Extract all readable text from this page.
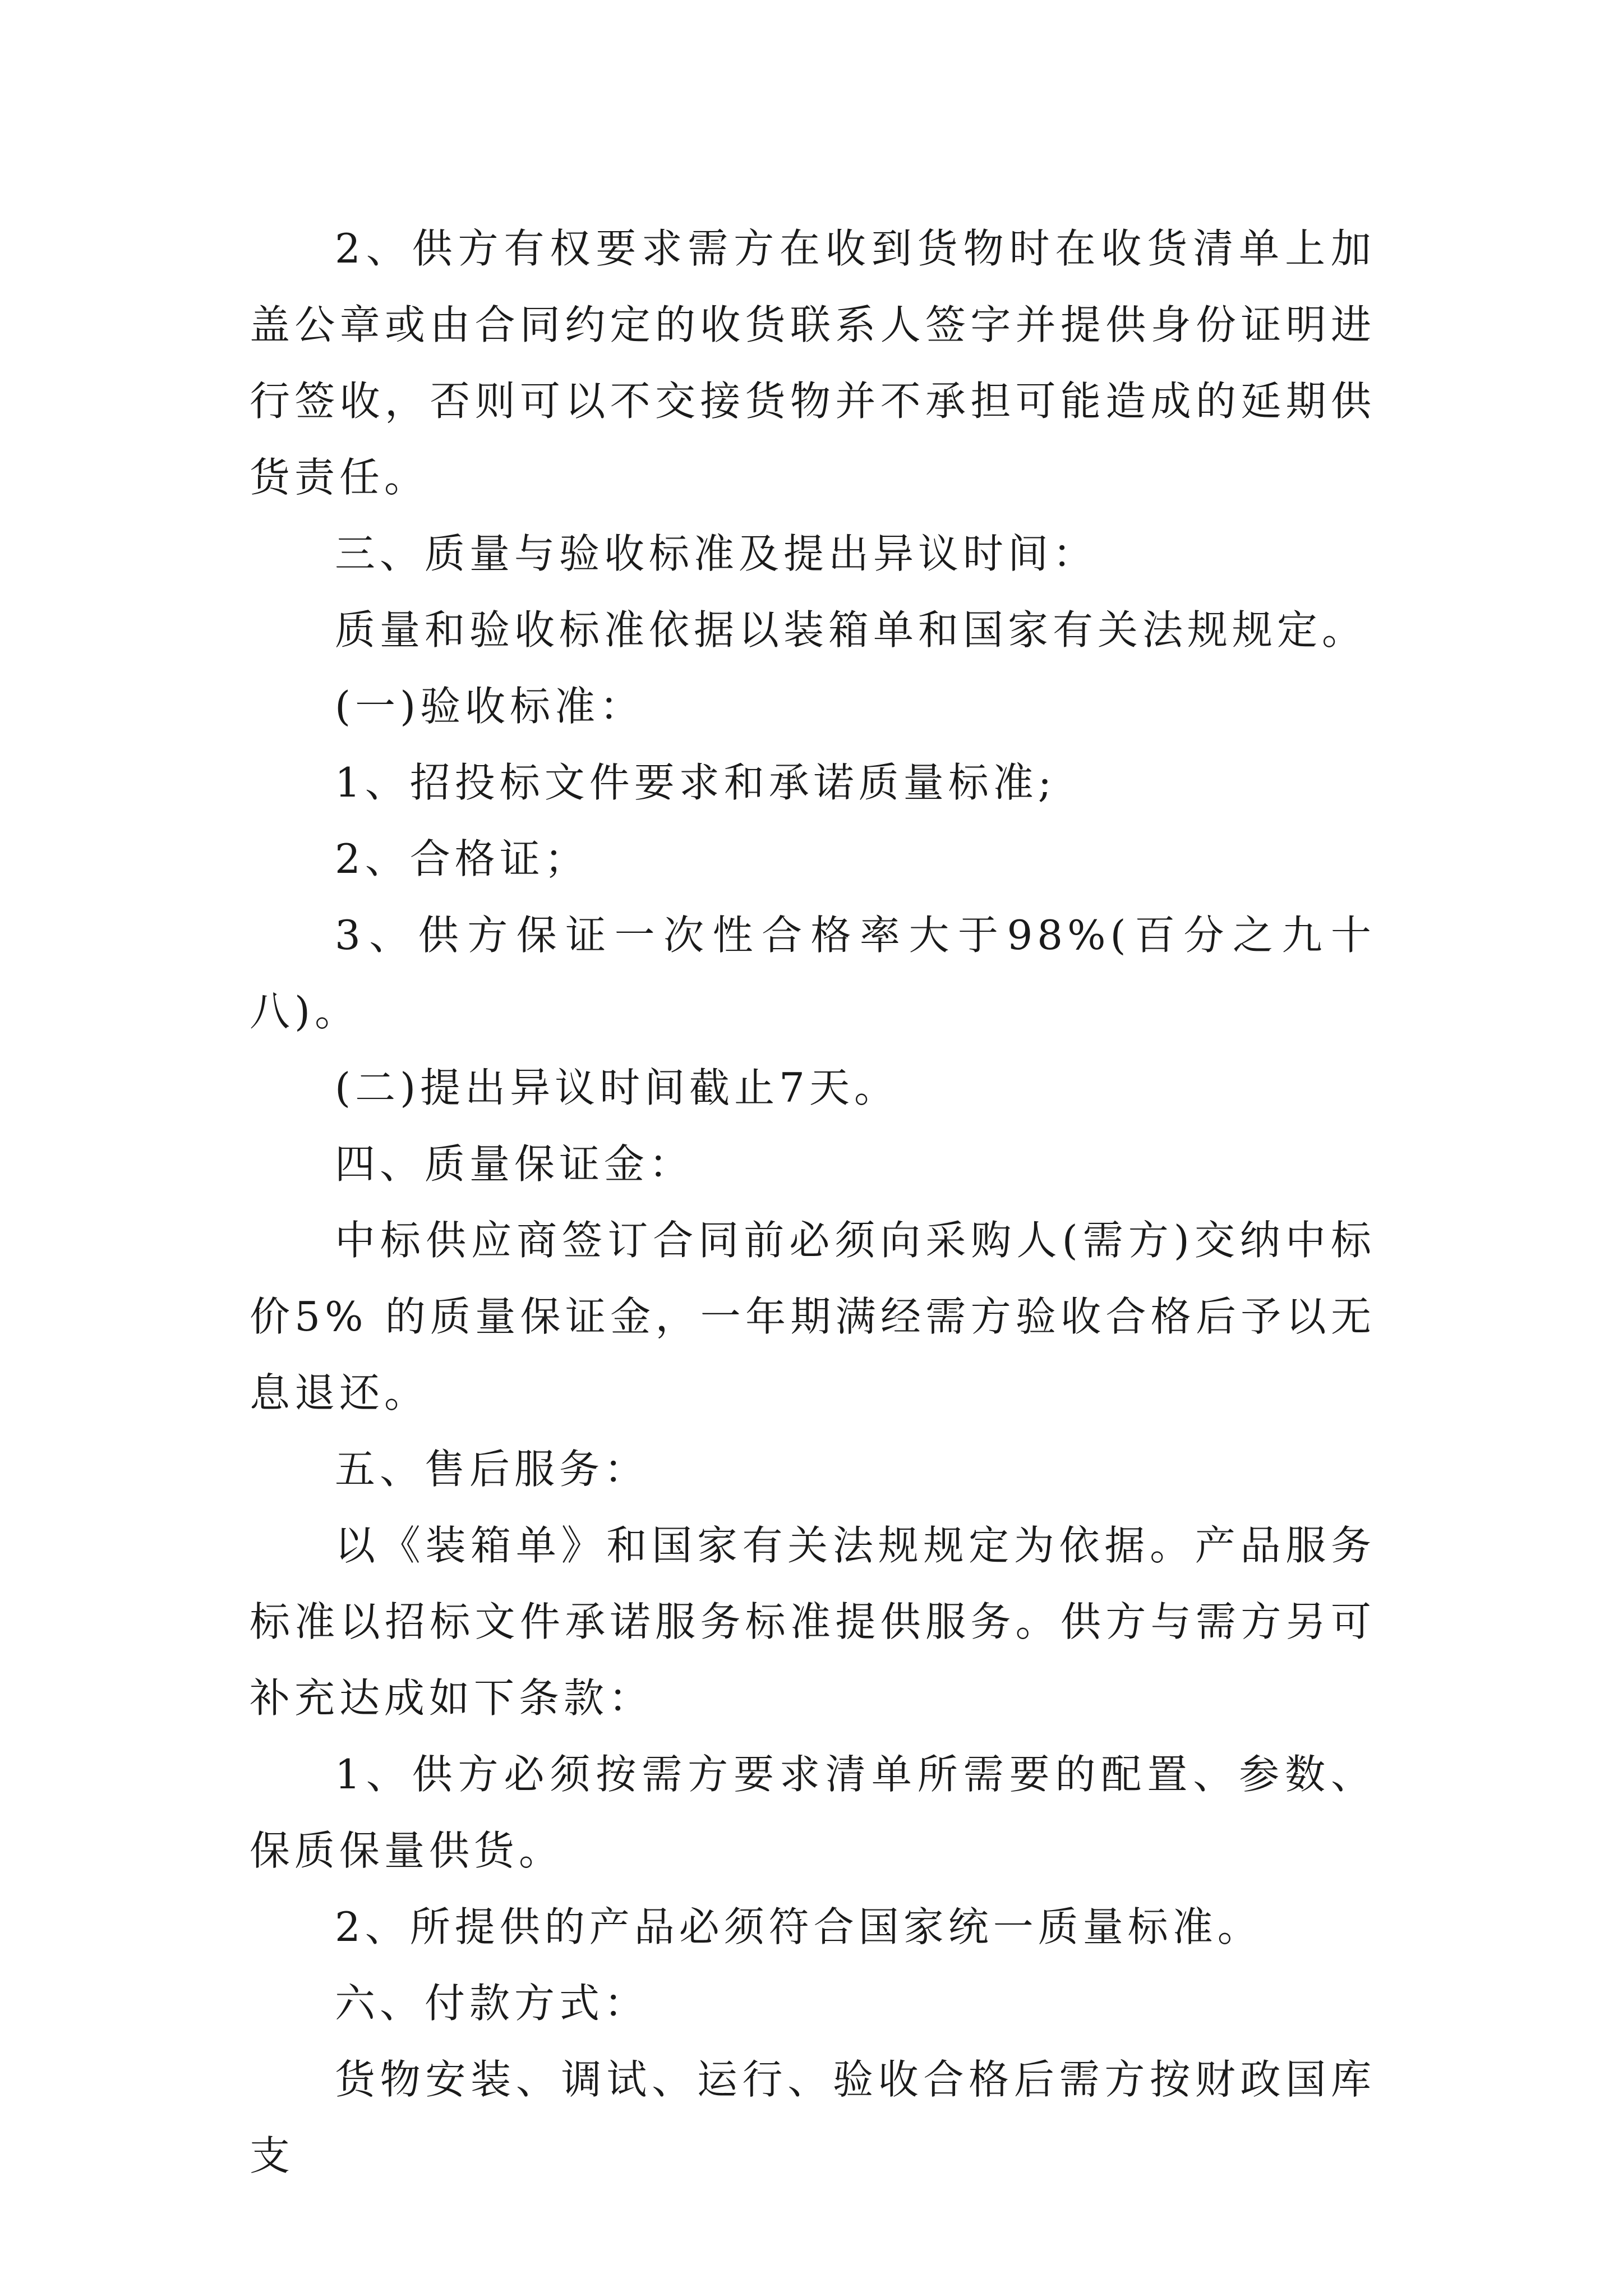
2、供方有权要求需方在收到货物时在收货清单上加盖公章或由合同约定的收货联系人签字并提供身份证明进行签收，否则可以不交接货物并不承担可能造成的延期供货责任。

三、质量与验收标准及提出异议时间：

质量和验收标准依据以装箱单和国家有关法规规定。

(一)验收标准：

1、招投标文件要求和承诺质量标准;

2、合格证；

3、供方保证一次性合格率大于98%(百分之九十八)。

(二)提出异议时间截止7天。

四、质量保证金：

中标供应商签订合同前必须向采购人(需方)交纳中标价5% 的质量保证金，一年期满经需方验收合格后予以无息退还。

五、售后服务：

以《装箱单》和国家有关法规规定为依据。产品服务标准以招标文件承诺服务标准提供服务。供方与需方另可补充达成如下条款：

1、供方必须按需方要求清单所需要的配置、参数、保质保量供货。

2、所提供的产品必须符合国家统一质量标准。

六、付款方式：

货物安装、调试、运行、验收合格后需方按财政国库支
